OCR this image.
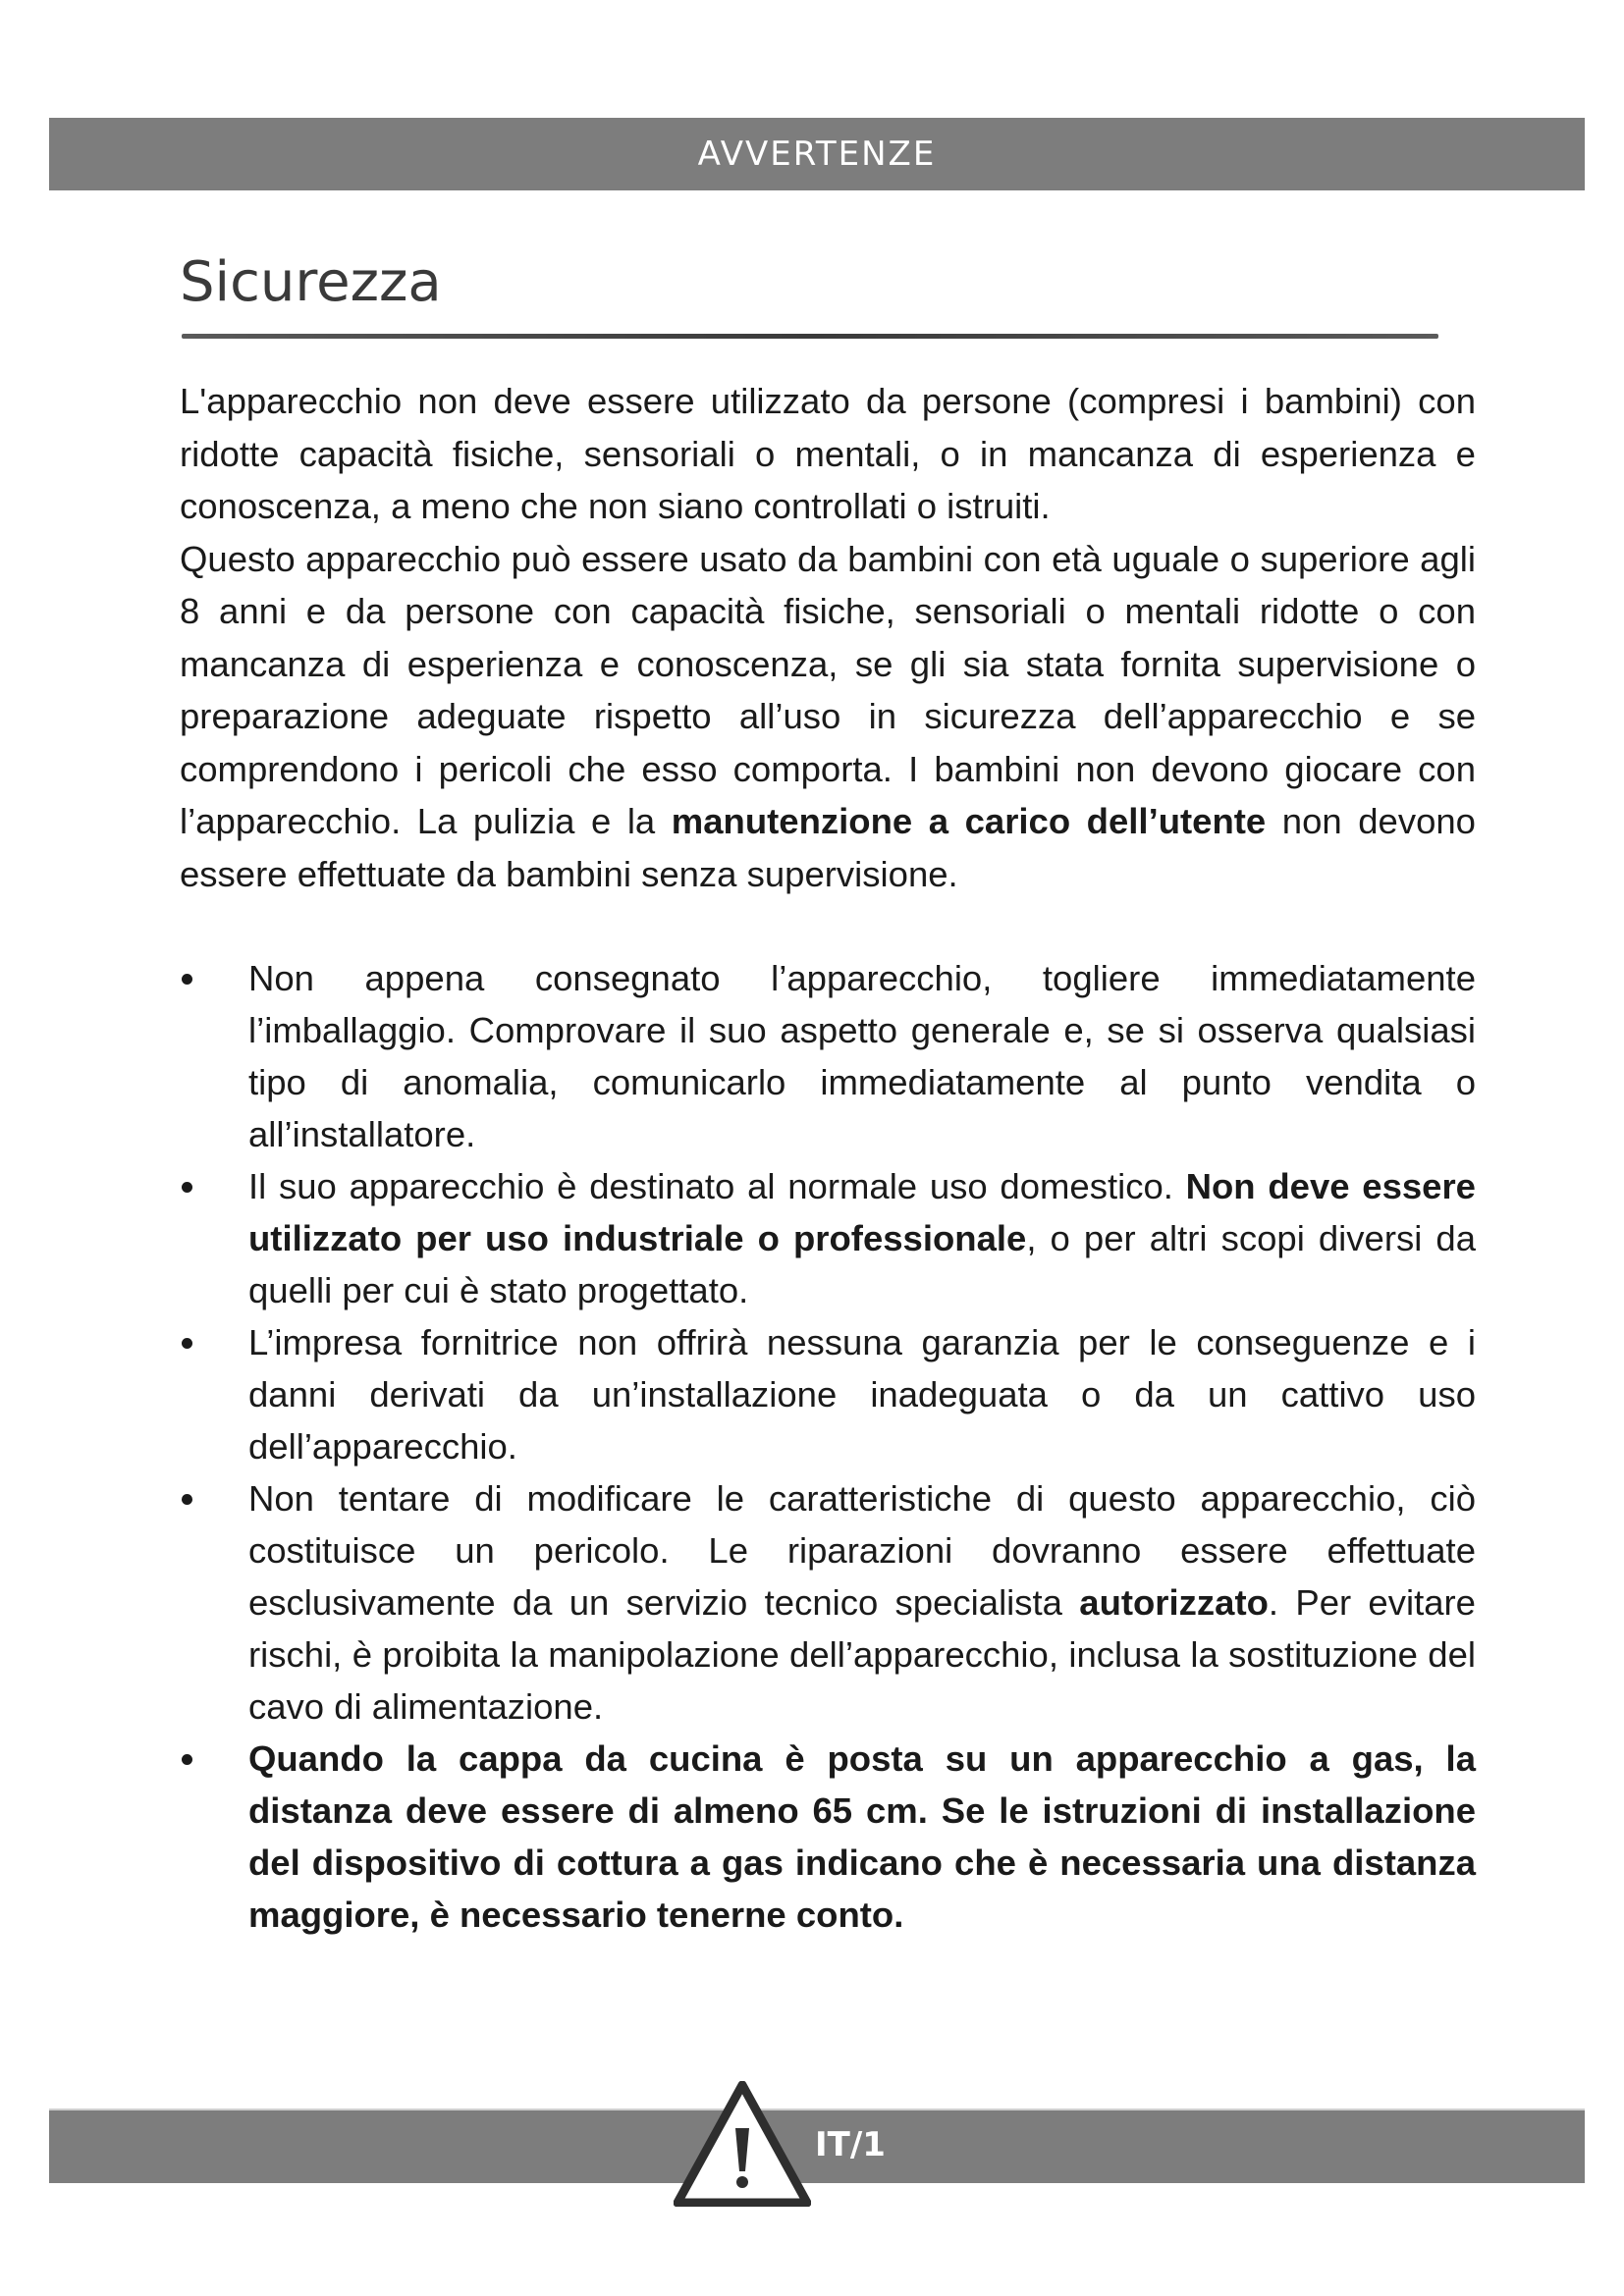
AVVERTENZE
Sicurezza

L'apparecchio non deve essere utilizzato da persone (compresi i bambini) con ridotte capacità fisiche, sensoriali o mentali, o in mancanza di esperienza e conoscenza, a meno che non siano controllati o istruiti.
Questo apparecchio può essere usato da bambini con età uguale o superiore agli 8 anni e da persone con capacità fisiche, sensoriali o mentali ridotte o con mancanza di esperienza e conoscenza, se gli sia stata fornita supervisione o preparazione adeguate rispetto all’uso in sicurezza dell’apparecchio e se comprendono i pericoli che esso comporta. I bambini non devono giocare con l’apparecchio. La pulizia e la manutenzione a carico dell’utente non devono essere effettuate da bambini senza supervisione.

Non appena consegnato l’apparecchio, togliere immediatamente l’imballaggio. Comprovare il suo aspetto generale e, se si osserva qualsiasi tipo di anomalia, comunicarlo immediatamente al punto vendita o all’installatore.
Il suo apparecchio è destinato al normale uso domestico. Non deve essere utilizzato per uso industriale o professionale, o per altri scopi diversi da quelli per cui è stato progettato.
L’impresa fornitrice non offrirà nessuna garanzia per le conseguenze e i danni derivati da un’installazione inadeguata o da un cattivo uso dell’apparecchio.
Non tentare di modificare le caratteristiche di questo apparecchio, ciò costituisce un pericolo. Le riparazioni dovranno essere effettuate esclusivamente da un servizio tecnico specialista autorizzato. Per evitare rischi, è proibita la manipolazione dell’apparecchio, inclusa la sostituzione del cavo di alimentazione.
Quando la cappa da cucina è posta su un apparecchio a gas, la distanza deve essere di almeno 65 cm. Se le istruzioni di installazione del dispositivo di cottura a gas indicano che è necessaria una distanza maggiore, è necessario tenerne conto.
IT/1
